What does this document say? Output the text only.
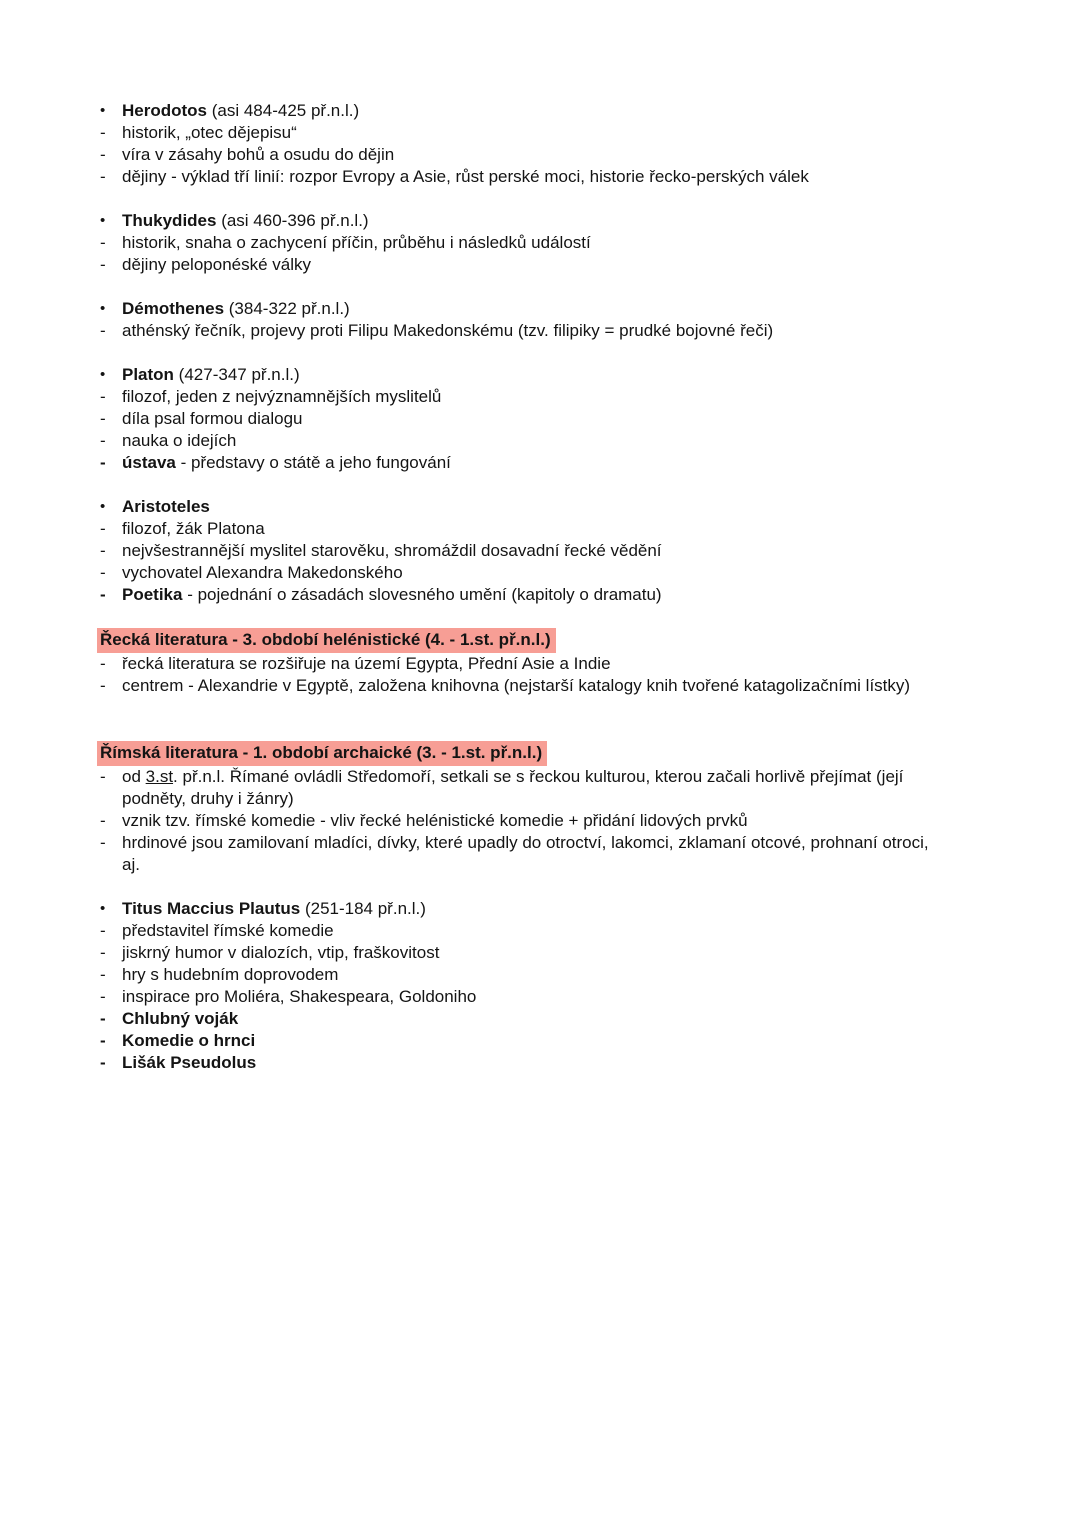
• Herodotos (asi 484-425 př.n.l.)
- historik, „otec dějepisu“
- víra v zásahy bohů a osudu do dějin
- dějiny - výklad tří linií: rozpor Evropy a Asie, růst perské moci, historie řecko-perských válek
• Thukydides (asi 460-396 př.n.l.)
- historik, snaha o zachycení příčin, průběhu i následků událostí
- dějiny peloponéské války
• Démothenes (384-322 př.n.l.)
- athénský řečník, projevy proti Filipu Makedonskému (tzv. filipiky = prudké bojovné řeči)
• Platon (427-347 př.n.l.)
- filozof, jeden z nejvýznamnějších myslitelů
- díla psal formou dialogu
- nauka o idejích
- ústava - představy o státě a jeho fungování
• Aristoteles
- filozof, žák Platona
- nejvšestrannější myslitel starověku, shromáždil dosavadní řecké vědění
- vychovatel Alexandra Makedonského
- Poetika - pojednání o zásadách slovesného umění (kapitoly o dramatu)
Řecká literatura - 3. období helénistické (4. - 1.st. př.n.l.)
- řecká literatura se rozšiřuje na území Egypta, Přední Asie a Indie
- centrem - Alexandrie v Egyptě, založena knihovna (nejstarší katalogy knih tvořené katagolizačními lístky)
Římská literatura - 1. období archaické (3. - 1.st. př.n.l.)
- od 3.st. př.n.l. Římané ovládli Středomoří, setkali se s řeckou kulturou, kterou začali horlivě přejímat (její podněty, druhy i žánry)
- vznik tzv. římské komedie - vliv řecké helénistické komedie + přidání lidových prvků
- hrdinové jsou zamilovaní mladíci, dívky, které upadly do otroctví, lakomci, zklamaní otcové, prohnaní otroci, aj.
• Titus Maccius Plautus (251-184 př.n.l.)
- představitel římské komedie
- jiskrný humor v dialozích, vtip, fraškovitost
- hry s hudebním doprovodem
- inspirace pro Moliéra, Shakespeara, Goldoniho
- Chlubný voják
- Komedie o hrnci
- Lišák Pseudolus
